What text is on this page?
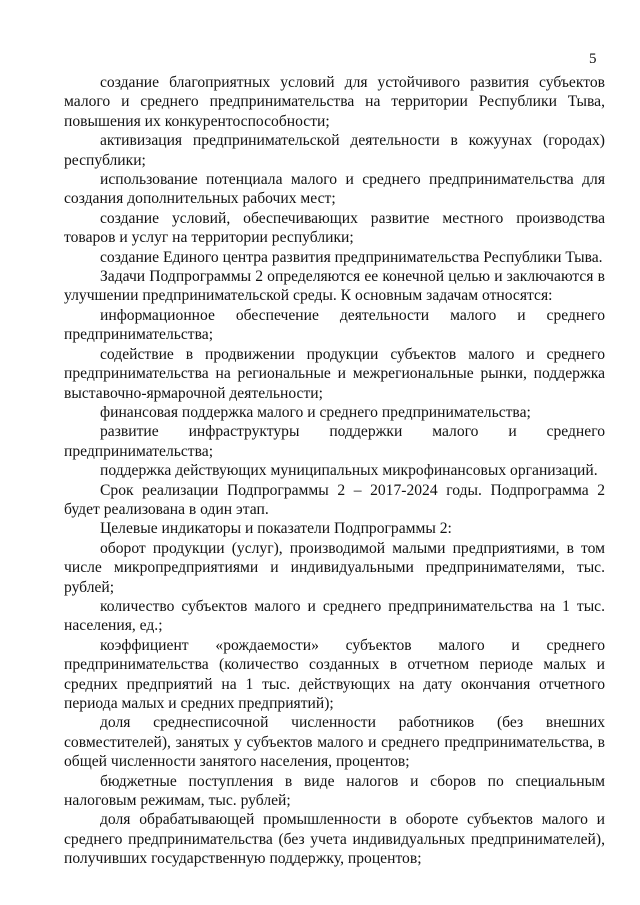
5

создание благоприятных условий для устойчивого развития субъектов малого и среднего предпринимательства на территории Республики Тыва, повышения их конкурентоспособности;

активизация предпринимательской деятельности в кожуунах (городах) республики;

использование потенциала малого и среднего предпринимательства для создания дополнительных рабочих мест;

создание условий, обеспечивающих развитие местного производства товаров и услуг на территории республики;

создание Единого центра развития предпринимательства Республики Тыва.

Задачи Подпрограммы 2 определяются ее конечной целью и заключаются в улучшении предпринимательской среды. К основным задачам относятся:

информационное обеспечение деятельности малого и среднего предпринимательства;

содействие в продвижении продукции субъектов малого и среднего предпринимательства на региональные и межрегиональные рынки, поддержка выставочно-ярмарочной деятельности;

финансовая поддержка малого и среднего предпринимательства;

развитие инфраструктуры поддержки малого и среднего предпринимательства;

поддержка действующих муниципальных микрофинансовых организаций.

Срок реализации Подпрограммы 2 – 2017-2024 годы. Подпрограмма 2 будет реализована в один этап.

Целевые индикаторы и показатели Подпрограммы 2:

оборот продукции (услуг), производимой малыми предприятиями, в том числе микропредприятиями и индивидуальными предпринимателями, тыс. рублей;

количество субъектов малого и среднего предпринимательства на 1 тыс. населения, ед.;

коэффициент «рождаемости» субъектов малого и среднего предпринимательства (количество созданных в отчетном периоде малых и средних предприятий на 1 тыс. действующих на дату окончания отчетного периода малых и средних предприятий);

доля среднесписочной численности работников (без внешних совместителей), занятых у субъектов малого и среднего предпринимательства, в общей численности занятого населения, процентов;

бюджетные поступления в виде налогов и сборов по специальным налоговым режимам, тыс. рублей;

доля обрабатывающей промышленности в обороте субъектов малого и среднего предпринимательства (без учета индивидуальных предпринимателей), получивших государственную поддержку, процентов;
